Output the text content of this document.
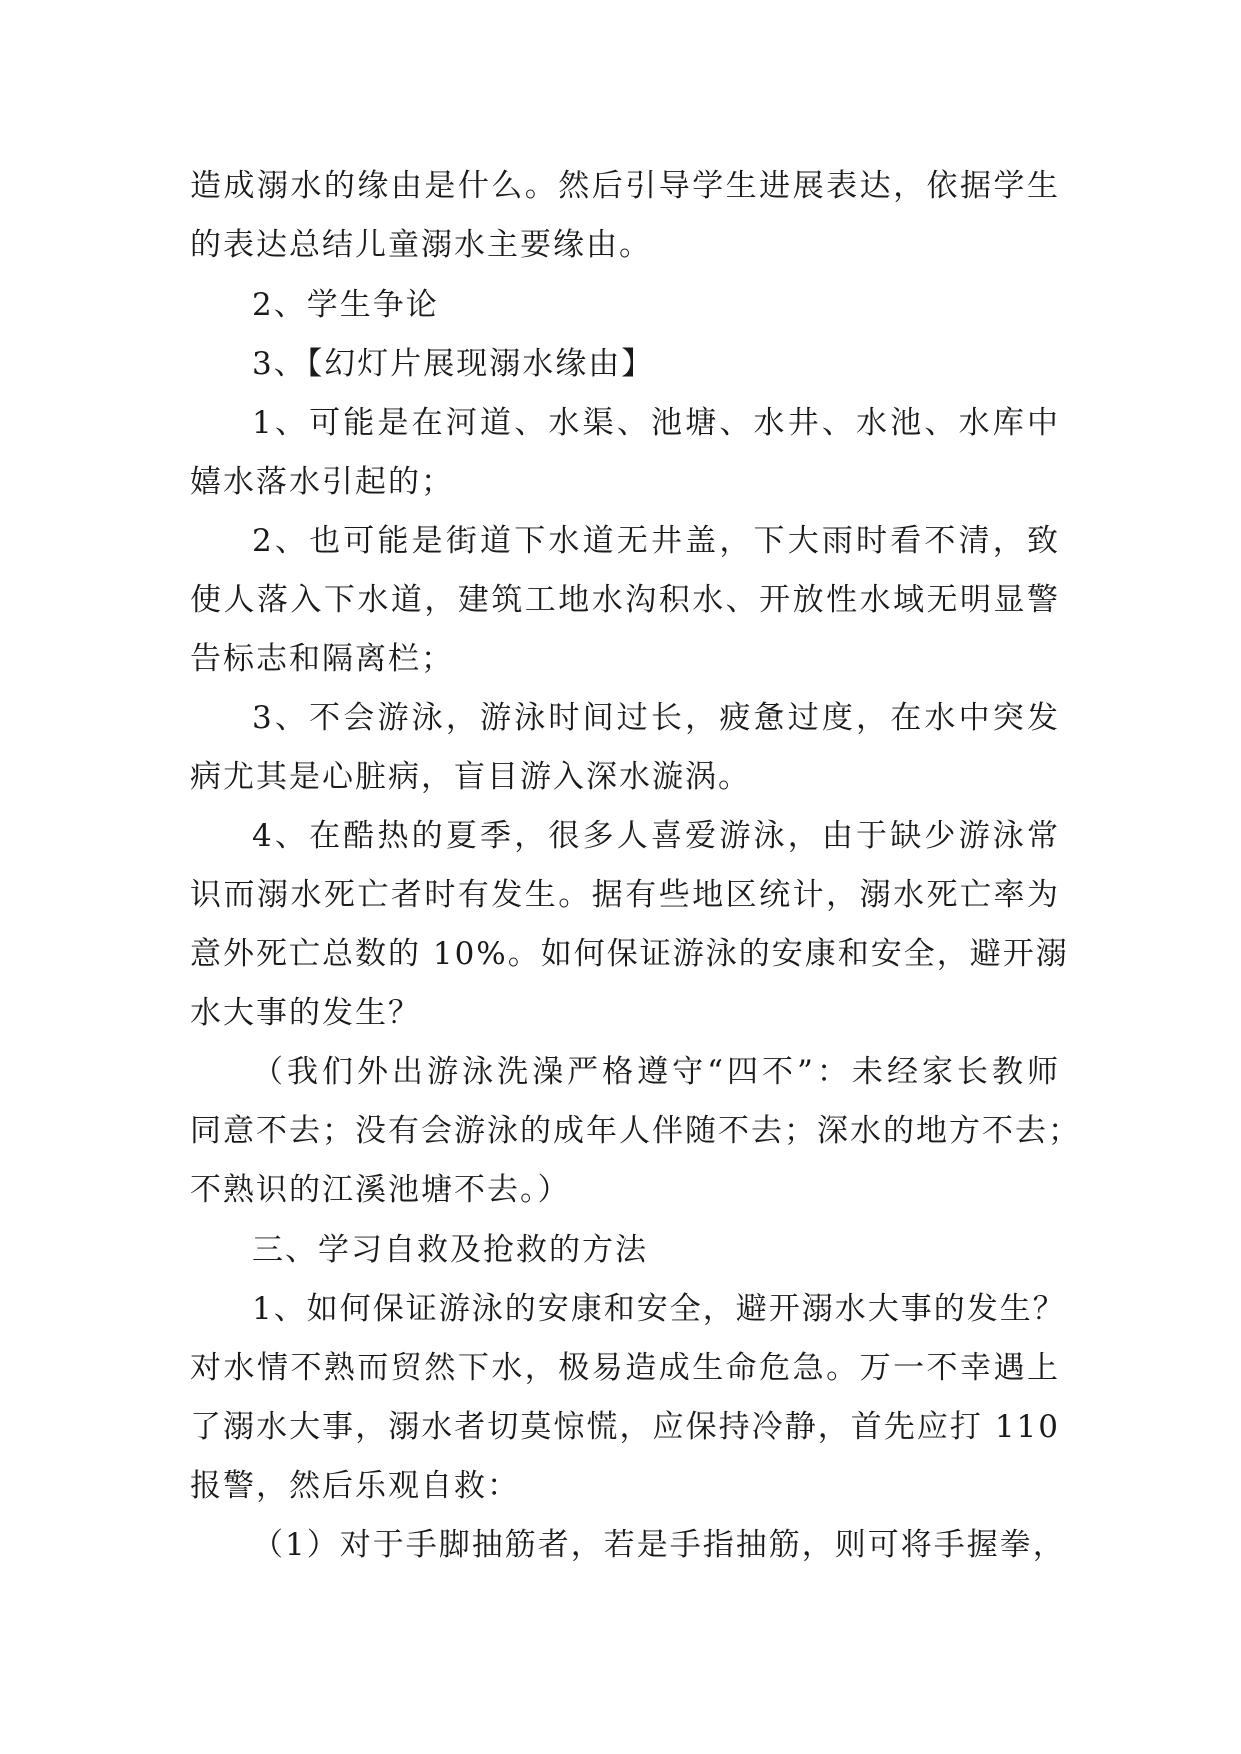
造成溺水的缘由是什么。然后引导学生进展表达，依据学生
的表达总结儿童溺水主要缘由。
2、学生争论
3、【幻灯片展现溺水缘由】
1、可能是在河道、水渠、池塘、水井、水池、水库中
嬉水落水引起的；
2、也可能是街道下水道无井盖，下大雨时看不清，致
使人落入下水道，建筑工地水沟积水、开放性水域无明显警
告标志和隔离栏；
3、不会游泳，游泳时间过长，疲惫过度，在水中突发
病尤其是心脏病，盲目游入深水漩涡。
4、在酷热的夏季，很多人喜爱游泳，由于缺少游泳常
识而溺水死亡者时有发生。据有些地区统计，溺水死亡率为
意外死亡总数的 10%。如何保证游泳的安康和安全，避开溺
水大事的发生？
（我们外出游泳洗澡严格遵守“四不”：未经家长教师
同意不去；没有会游泳的成年人伴随不去；深水的地方不去；
不熟识的江溪池塘不去。）
三、学习自救及抢救的方法
1、如何保证游泳的安康和安全，避开溺水大事的发生？
对水情不熟而贸然下水，极易造成生命危急。万一不幸遇上
了溺水大事，溺水者切莫惊慌，应保持冷静，首先应打 110
报警，然后乐观自救：
（1）对于手脚抽筋者，若是手指抽筋，则可将手握拳，
